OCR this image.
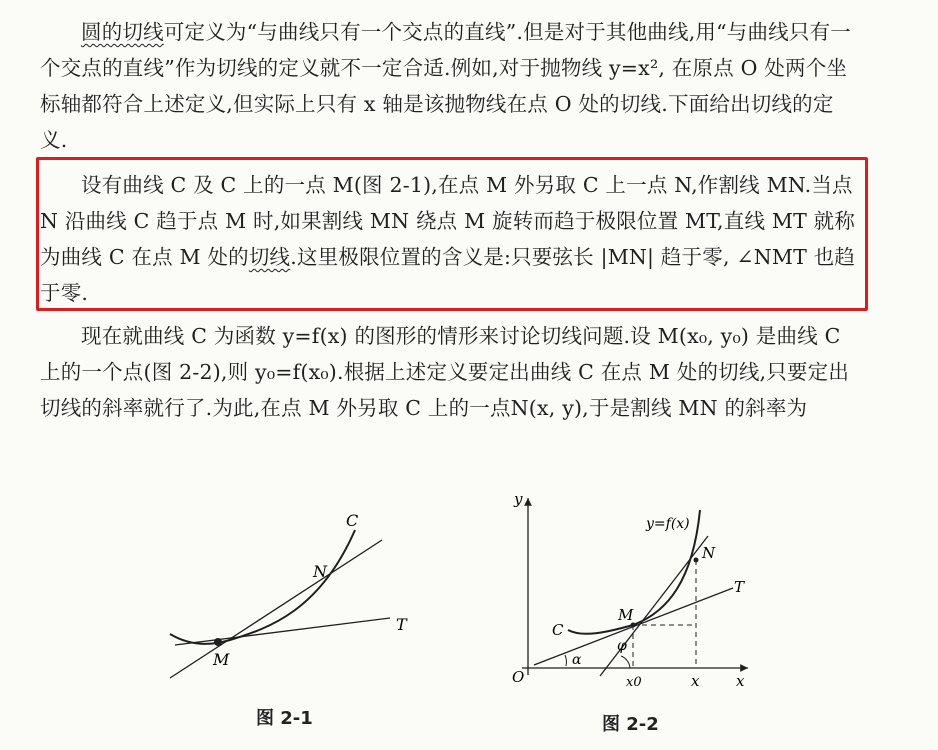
圆的切线可定义为“与曲线只有一个交点的直线”.但是对于其他曲线,用“与曲线只有一个交点的直线”作为切线的定义就不一定合适.例如,对于抛物线 y=x², 在原点 O 处两个坐标轴都符合上述定义,但实际上只有 x 轴是该抛物线在点 O 处的切线.下面给出切线的定义.
设有曲线 C 及 C 上的一点 M(图 2-1),在点 M 外另取 C 上一点 N,作割线 MN.当点 N 沿曲线 C 趋于点 M 时,如果割线 MN 绕点 M 旋转而趋于极限位置 MT,直线 MT 就称为曲线 C 在点 M 处的切线.这里极限位置的含义是:只要弦长 |MN| 趋于零, ∠NMT 也趋于零.
现在就曲线 C 为函数 y=f(x) 的图形的情形来讨论切线问题.设 M(x₀, y₀) 是曲线 C 上的一个点(图 2-2),则 y₀=f(x₀).根据上述定义要定出曲线 C 在点 M 处的切线,只要定出切线的斜率就行了.为此,在点 M 外另取 C 上的一点N(x, y),于是割线 MN 的斜率为
C
N
T
M
图 2-1
y
x
O
y=f(x)
C
N
M
T
α
φ
x0	x
图 2-2
